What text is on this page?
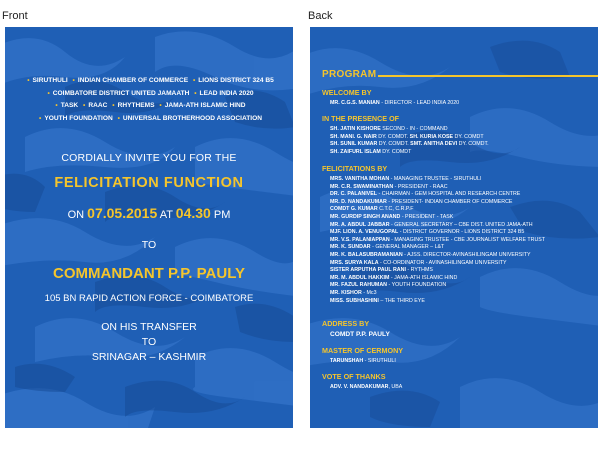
Front	Back
• SIRUTHULI • INDIAN CHAMBER OF COMMERCE • LIONS DISTRICT 324 B5
• COIMBATORE DISTRICT UNITED JAMAATH • LEAD INDIA 2020
• TASK • RAAC • RHYTHEMS • JAMA-ATH ISLAMIC HIND
• YOUTH FOUNDATION • UNIVERSAL BROTHERHOOD ASSOCIATION
CORDIALLY INVITE YOU FOR THE
FELICITATION FUNCTION
ON 07.05.2015 AT 04.30 PM
TO
COMMANDANT P.P. PAULY
105 BN RAPID ACTION FORCE - COIMBATORE
ON HIS TRANSFER
TO
SRINAGAR – KASHMIR
PROGRAM
WELCOME BY
MR. C.G.S. MANIAN - DIRECTOR - LEAD INDIA 2020
IN THE PRESENCE OF
SH. JATIN KISHORE SECOND - IN - COMMAND
SH. MANI. G. NAIR DY. COMDT. SH. KURIA KOSE DY. COMDT
SH. SUNIL KUMAR DY. COMDT. SMT. ANITHA DEVI DY. COMDT.
SH. ZAIFURL ISLAM DY. COMDT
FELICITATIONS BY
MRS. VANITHA MOHAN - MANAGING TRUSTEE - SIRUTHULI
MR. C.R. SWAMINATHAN - PRESIDENT - RAAC
DR. C. PALANIVEL - CHAIRMAN - GEM HOSPITAL AND RESEARCH CENTRE
MR. D. NANDAKUMAR - PRESIDENT- INDIAN CHAMBER OF COMMERCE
COMDT G. KUMAR C.T.C, C.R.P.F
MR. GURDIP SINGH ANAND - PRESIDENT - TASK
MR. A. ABDUL JABBAR - GENERAL SECRETARY – CBE DIST. UNITED JAMA-ATH
MJF. LION. A. VENUGOPAL - DISTRICT GOVERNOR - LIONS DISTRICT 324 B5
MR. V.S. PALANIAPPAN - MANAGING TRUSTEE - CBE JOURNALIST WELFARE TRUST
MR. K. SUNDAR - GENERAL MANAGER – L&T
MR. K. BALASUBRAMANIAN - AJSS. DIRECTOR-AVINASHILINGAM UNIVERSITY
MRS. SURYA KALA - CO-ORDINATOR - AVINASHILINGAM UNIVERSITY
SISTER ARPUTHA PAUL RANI - RYTHMS
MR. M. ABDUL HAKKIM - JAMA-ATH ISLAMIC HIND
MR. FAZUL RAHUMAN - YOUTH FOUNDATION
MR. KISHOR - Mc3
MISS. SUBHASHINI – THE THIRD EYE
ADDRESS BY
COMDT P.P. PAULY
MASTER OF CERMONY
TARUNSHAH - SIRUTHULI
VOTE OF THANKS
ADV. V. NANDAKUMAR, UBA
